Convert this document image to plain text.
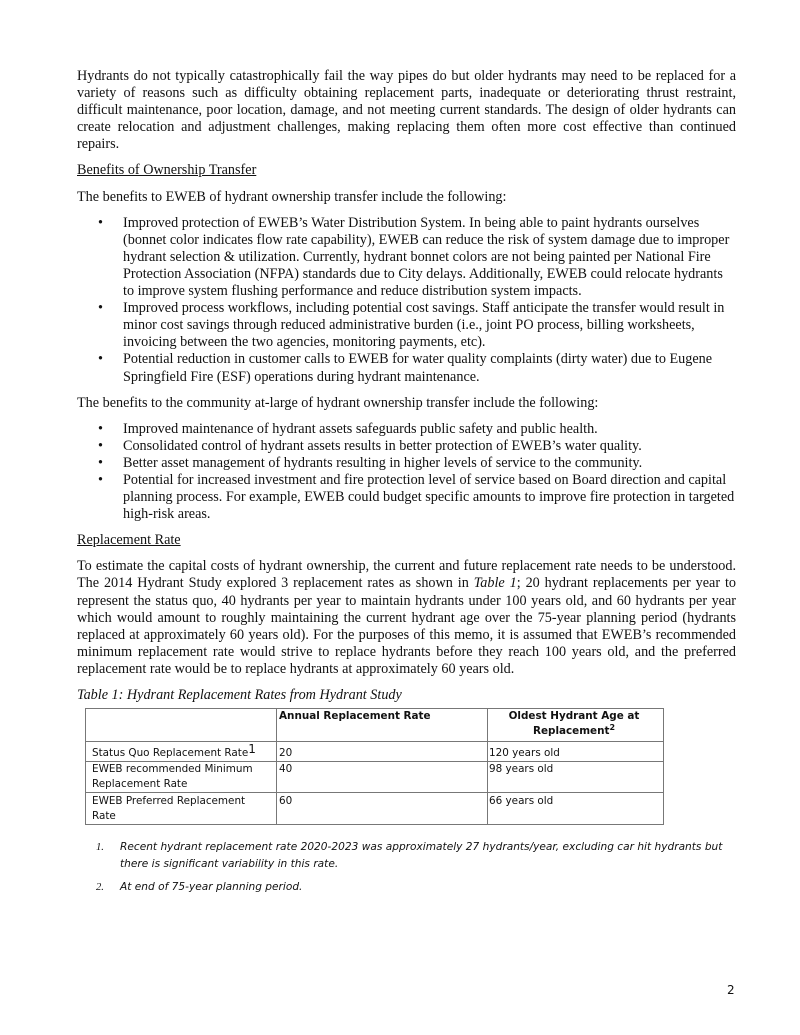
Hydrants do not typically catastrophically fail the way pipes do but older hydrants may need to be replaced for a variety of reasons such as difficulty obtaining replacement parts, inadequate or deteriorating thrust restraint, difficult maintenance, poor location, damage, and not meeting current standards. The design of older hydrants can create relocation and adjustment challenges, making replacing them often more cost effective than continued repairs.

Benefits of Ownership Transfer

The benefits to EWEB of hydrant ownership transfer include the following:

• Improved protection of EWEB’s Water Distribution System. In being able to paint hydrants ourselves (bonnet color indicates flow rate capability), EWEB can reduce the risk of system damage due to improper hydrant selection & utilization. Currently, hydrant bonnet colors are not being painted per National Fire Protection Association (NFPA) standards due to City delays. Additionally, EWEB could relocate hydrants to improve system flushing performance and reduce distribution system impacts.
• Improved process workflows, including potential cost savings. Staff anticipate the transfer would result in minor cost savings through reduced administrative burden (i.e., joint PO process, billing worksheets, invoicing between the two agencies, monitoring payments, etc).
• Potential reduction in customer calls to EWEB for water quality complaints (dirty water) due to Eugene Springfield Fire (ESF) operations during hydrant maintenance.

The benefits to the community at-large of hydrant ownership transfer include the following:

• Improved maintenance of hydrant assets safeguards public safety and public health.
• Consolidated control of hydrant assets results in better protection of EWEB’s water quality.
• Better asset management of hydrants resulting in higher levels of service to the community.
• Potential for increased investment and fire protection level of service based on Board direction and capital planning process. For example, EWEB could budget specific amounts to improve fire protection in targeted high-risk areas.

Replacement Rate

To estimate the capital costs of hydrant ownership, the current and future replacement rate needs to be understood. The 2014 Hydrant Study explored 3 replacement rates as shown in Table 1; 20 hydrant replacements per year to represent the status quo, 40 hydrants per year to maintain hydrants under 100 years old, and 60 hydrants per year which would amount to roughly maintaining the current hydrant age over the 75-year planning period (hydrants replaced at approximately 60 years old). For the purposes of this memo, it is assumed that EWEB’s recommended minimum replacement rate would strive to replace hydrants before they reach 100 years old, and the preferred replacement rate would be to replace hydrants at approximately 60 years old.

Table 1: Hydrant Replacement Rates from Hydrant Study

	Annual Replacement Rate	Oldest Hydrant Age at Replacement$^2$
Status Quo Replacement Rate$^1$	20	120 years old
EWEB recommended Minimum Replacement Rate	40	98 years old
EWEB Preferred Replacement Rate	60	66 years old
1. Recent hydrant replacement rate 2020-2023 was approximately 27 hydrants/year, excluding car hit hydrants but there is significant variability in this rate.
2. At end of 75-year planning period.
2
